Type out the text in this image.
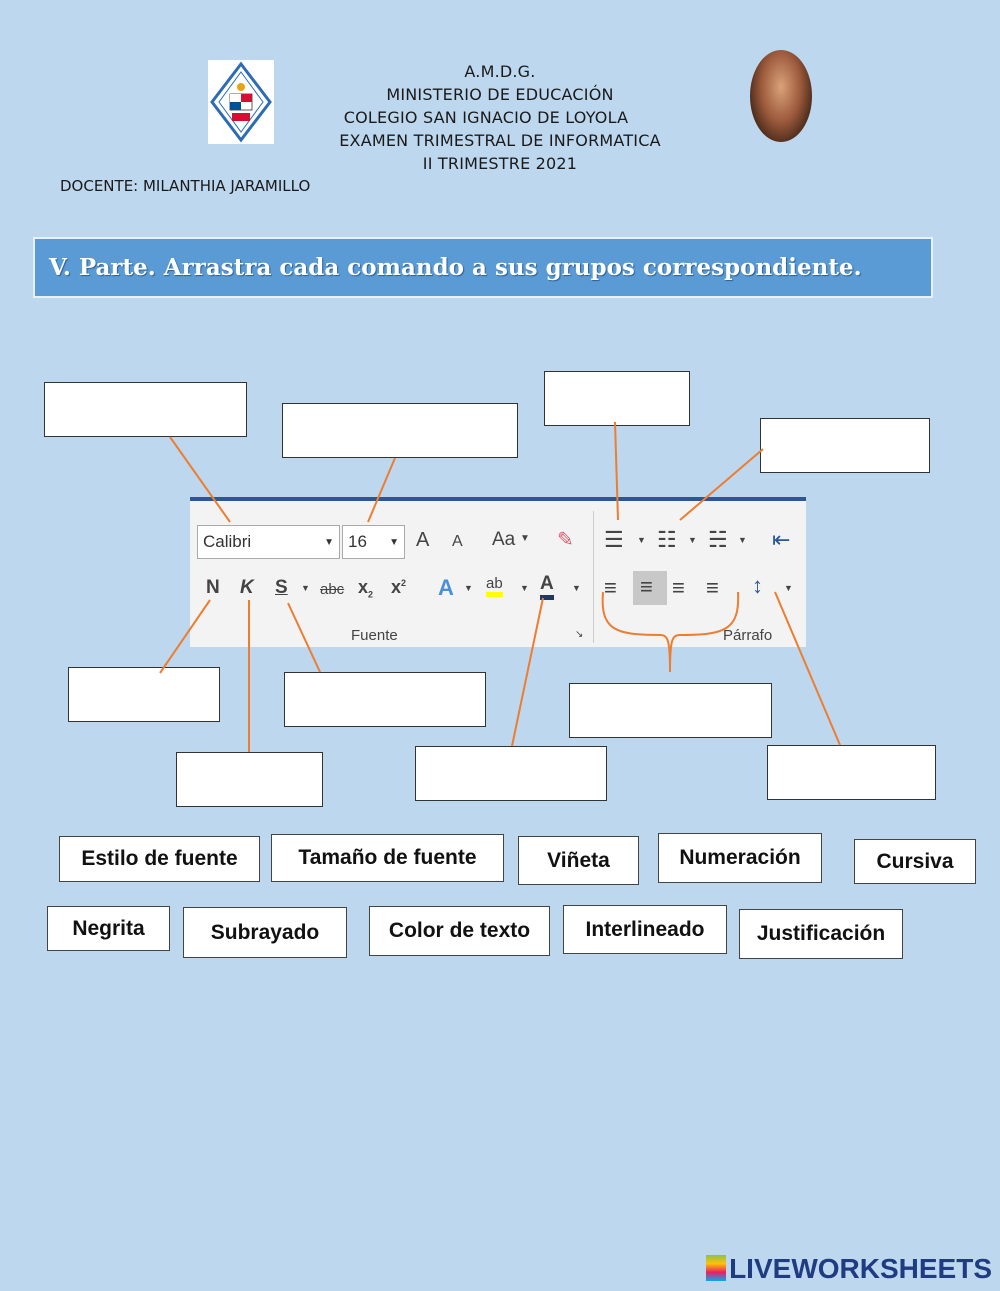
A.M.D.G.
MINISTERIO DE EDUCACIÓN
COLEGIO SAN IGNACIO DE LOYOLA
EXAMEN TRIMESTRAL DE INFORMATICA
II TRIMESTRE 2021
DOCENTE: MILANTHIA JARAMILLO
V. Parte. Arrastra cada comando a sus grupos correspondiente.
Calibri	▼ 16 ▼ A A Aa ▼ ✎
N K S ▼ abc $x_2$ $x^2$ A ▼ ab ▼ A ▼
Fuente	↘
☰ ▼ ☷ ▼ ☵ ▼ ⇤
≡ ≡ ≡ ≡ ↕ ▼
Párrafo
Estilo de fuente	Tamaño de fuente	Viñeta	Numeración	Cursiva
Negrita	Subrayado	Color de texto	Interlineado	Justificación
LIVEWORKSHEETS
